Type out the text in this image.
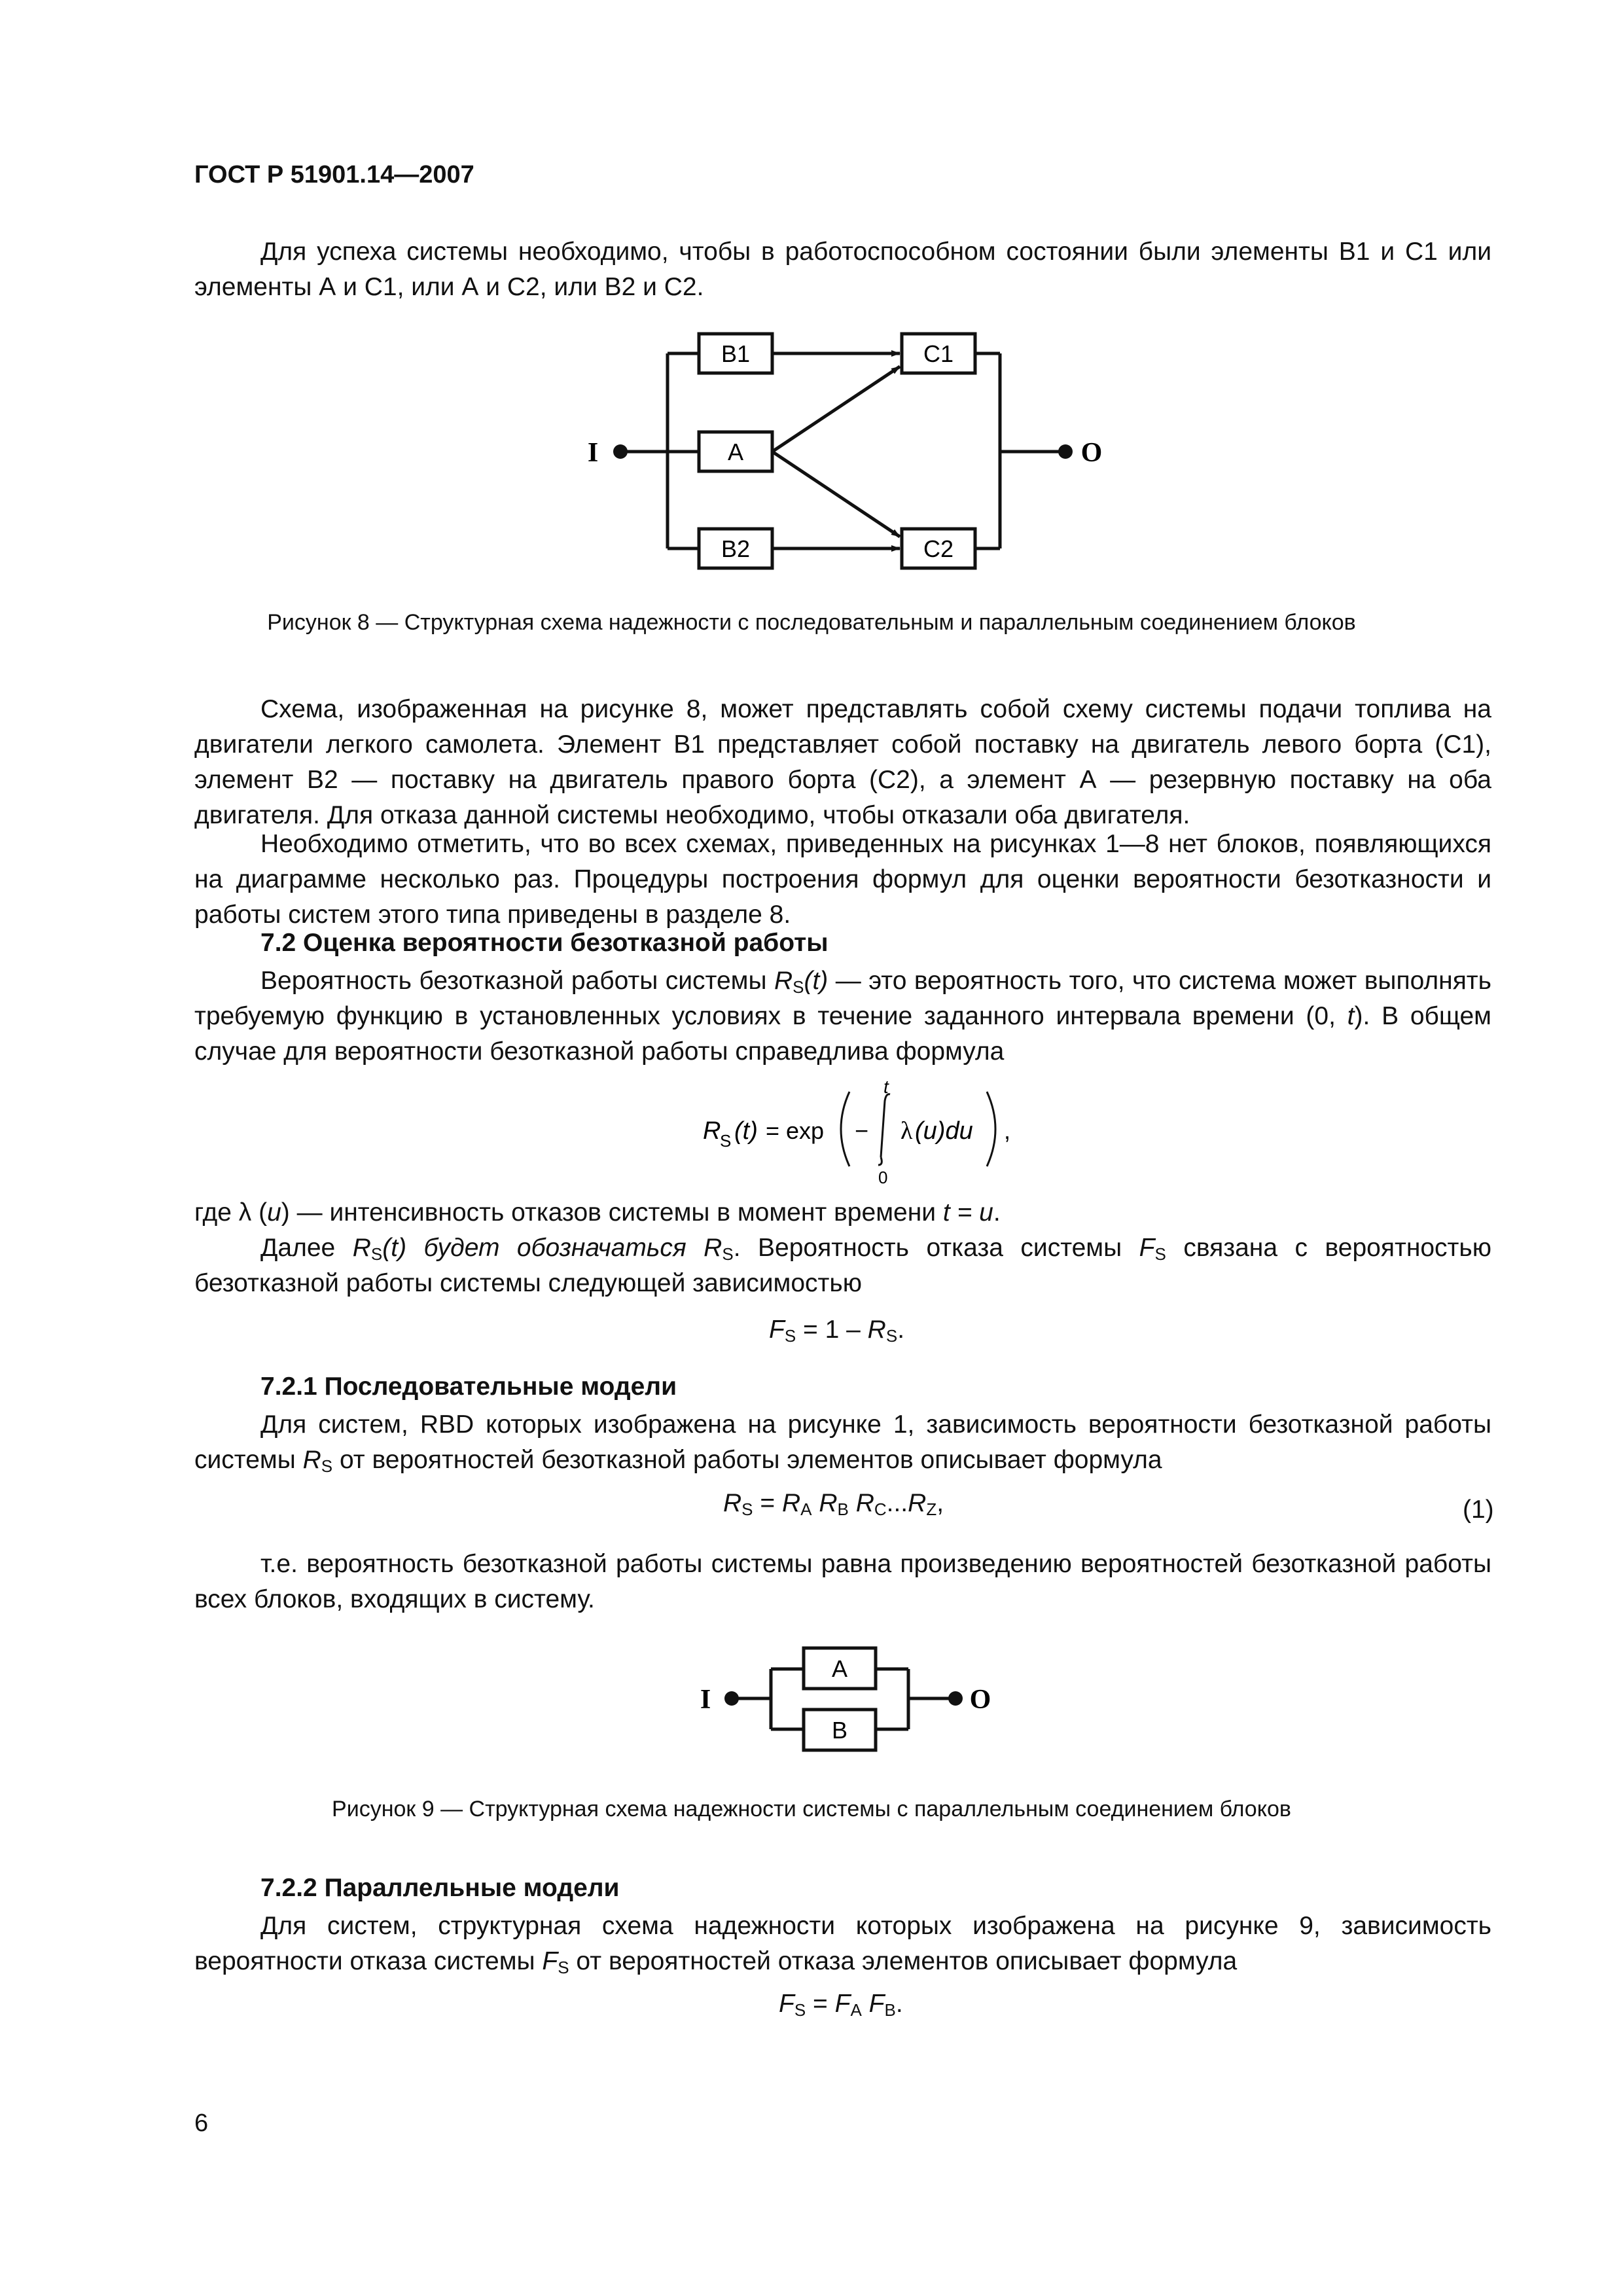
ГОСТ Р 51901.14—2007
Для успеха системы необходимо, чтобы в работоспособном состоянии были элементы В1 и С1 или элементы А и С1, или А и С2, или В2 и С2.
В1	С1
А
В2	С2
I	O
Рисунок 8 — Структурная схема надежности с последовательным и параллельным соединением блоков
Схема, изображенная на рисунке 8, может представлять собой схему системы подачи топлива на двигатели легкого самолета. Элемент В1 представляет собой поставку на двигатель левого борта (С1), элемент В2 — поставку на двигатель правого борта (С2), а элемент А — резервную поставку на оба двигателя. Для отказа данной системы необходимо, чтобы отказали оба двигателя.
Необходимо отметить, что во всех схемах, приведенных на рисунках 1—8 нет блоков, появляющихся на диаграмме несколько раз. Процедуры построения формул для оценки вероятности безотказности и работы систем этого типа приведены в разделе 8.
7.2 Оценка вероятности безотказной работы
Вероятность безотказной работы системы $R_S(t)$ — это вероятность того, что система может выполнять требуемую функцию в установленных условиях в течение заданного интервала времени (0, t). В общем случае для вероятности безотказной работы справедлива формула
R
S (t) = exp −
t
0
λ (u)du ,
где λ (u) — интенсивность отказов системы в момент времени t = u.
Далее $R_S(t)$ будет обозначаться $R_S$. Вероятность отказа системы $F_S$ связана с вероятностью безотказной работы системы следующей зависимостью
$F_S = 1 - R_S$.
7.2.1 Последовательные модели
Для систем, RBD которых изображена на рисунке 1, зависимость вероятности безотказной работы системы $R_S$ от вероятностей безотказной работы элементов описывает формула
$R_S = R_A$ $R_B$ $R_C...R_Z$,	(1)
т.е. вероятность безотказной работы системы равна произведению вероятностей безотказной работы всех блоков, входящих в систему.
А
В
I	O
Рисунок 9 — Структурная схема надежности системы с параллельным соединением блоков
7.2.2 Параллельные модели
Для систем, структурная схема надежности которых изображена на рисунке 9, зависимость вероятности отказа системы $F_S$ от вероятностей отказа элементов описывает формула
$F_S = F_A$ $F_B$.
6
